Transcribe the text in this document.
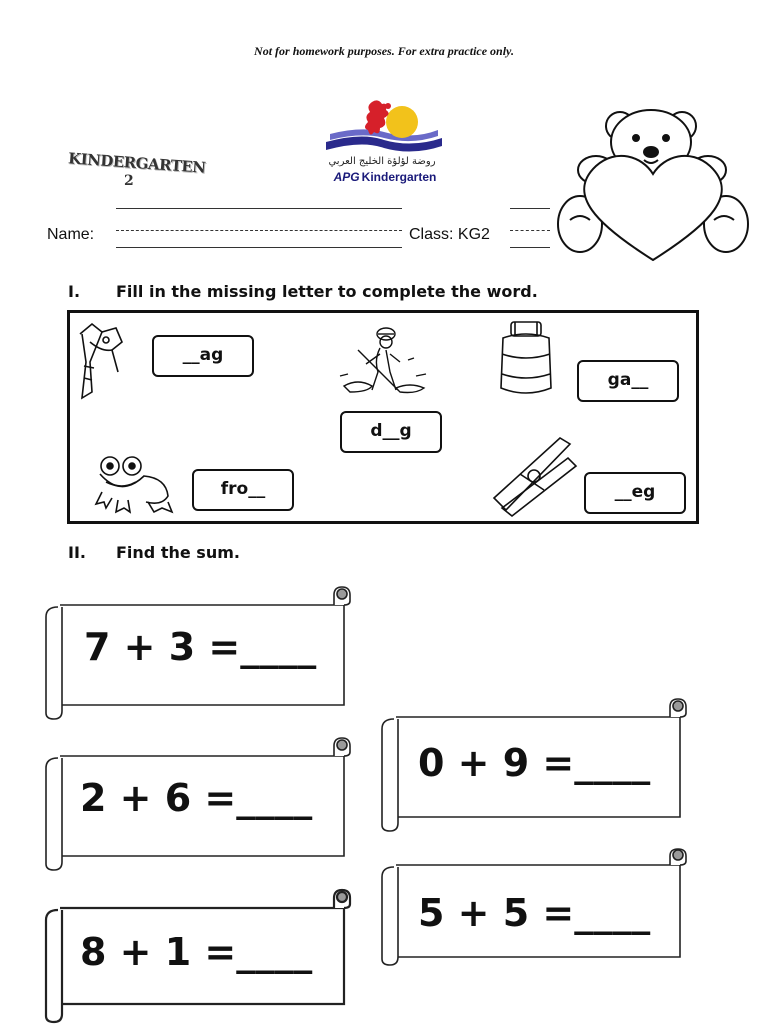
Not for homework purposes. For extra practice only.
KINDERGARTEN
2
روضة لؤلؤة الخليج العربي
APG Kindergarten
Name:	Class: KG2
I. Fill in the missing letter to complete the word.
__ag
ga__
d__g
fro__	__eg
II. Find the sum.
7 + 3 =____
2 + 6 =____
8 + 1 =____
0 + 9 =____
5 + 5 =____
